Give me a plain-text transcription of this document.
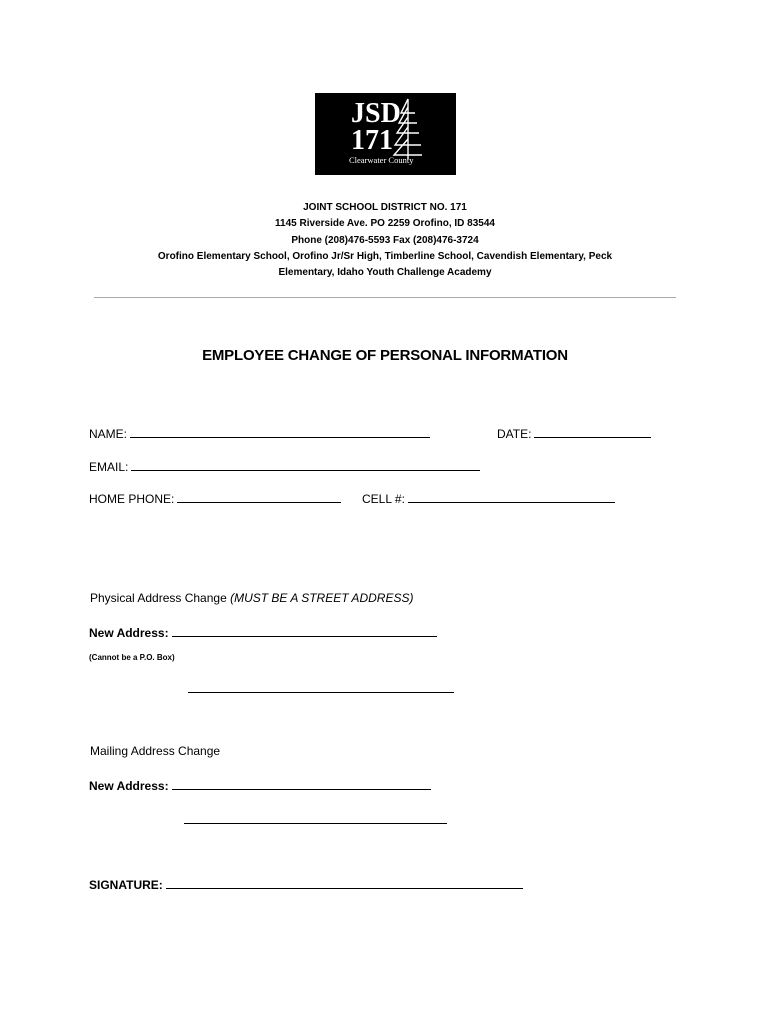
JSD
171
Clearwater County
JOINT SCHOOL DISTRICT NO. 171
1145 Riverside Ave. PO 2259 Orofino, ID 83544
Phone (208)476-5593 Fax (208)476-3724
Orofino Elementary School, Orofino Jr/Sr High, Timberline School, Cavendish Elementary, Peck Elementary, Idaho Youth Challenge Academy
EMPLOYEE CHANGE OF PERSONAL INFORMATION
NAME:	DATE:
EMAIL:
HOME PHONE:	CELL #:
Physical Address Change (MUST BE A STREET ADDRESS)
New Address:
(Cannot be a P.O. Box)
Mailing Address Change
New Address:
SIGNATURE:
